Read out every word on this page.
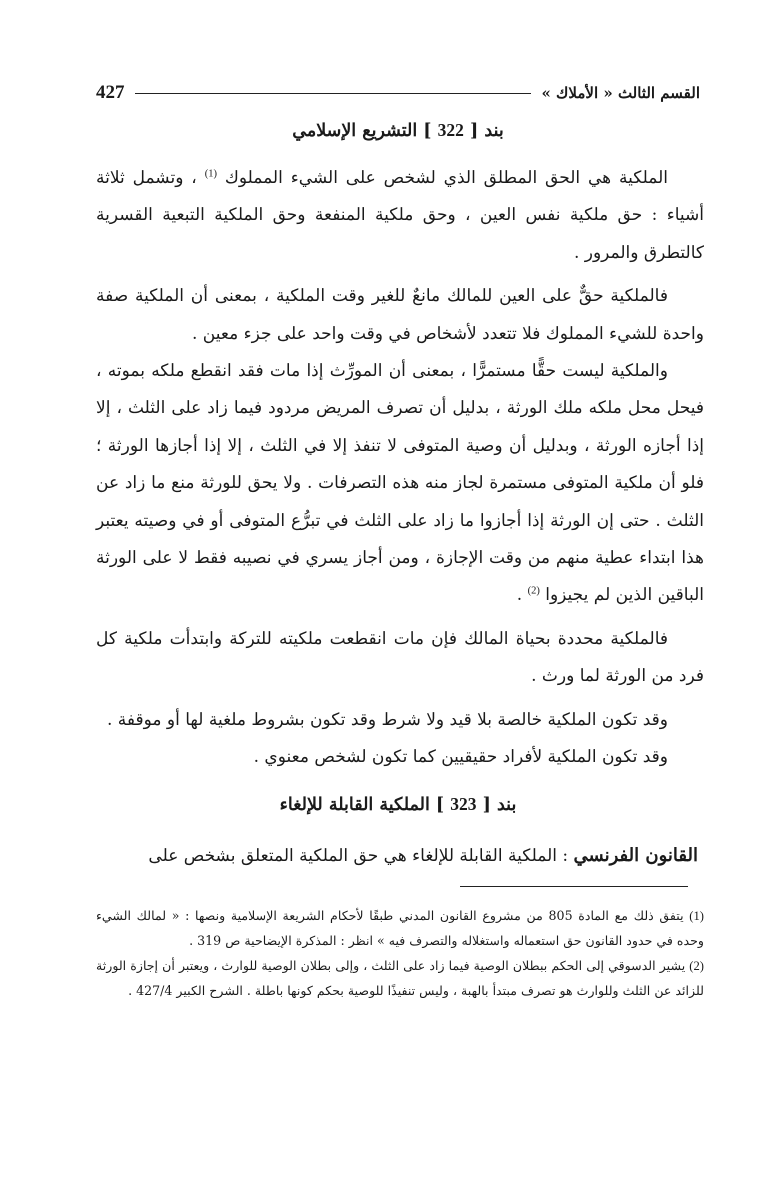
القسم الثالث « الأملاك »
427
بند [ 322 ] التشريع الإسلامي

الملكية هي الحق المطلق الذي لشخص على الشيء المملوك $^{(1)}$ ، وتشمل ثلاثة أشياء : حق ملكية نفس العين ، وحق ملكية المنفعة وحق الملكية التبعية القسرية كالتطرق والمرور .

فالملكية حقٌّ على العين للمالك مانعٌ للغير وقت الملكية ، بمعنى أن الملكية صفة واحدة للشيء المملوك فلا تتعدد لأشخاص في وقت واحد على جزء معين .

والملكية ليست حقًّا مستمرًّا ، بمعنى أن المورِّث إذا مات فقد انقطع ملكه بموته ، فيحل محل ملكه ملك الورثة ، بدليل أن تصرف المريض مردود فيما زاد على الثلث ، إلا إذا أجازه الورثة ، وبدليل أن وصية المتوفى لا تنفذ إلا في الثلث ، إلا إذا أجازها الورثة ؛ فلو أن ملكية المتوفى مستمرة لجاز منه هذه التصرفات . ولا يحق للورثة منع ما زاد عن الثلث . حتى إن الورثة إذا أجازوا ما زاد على الثلث في تبرُّع المتوفى أو في وصيته يعتبر هذا ابتداء عطية منهم من وقت الإجازة ، ومن أجاز يسري في نصيبه فقط لا على الورثة الباقين الذين لم يجيزوا $^{(2)}$ .

فالملكية محددة بحياة المالك فإن مات انقطعت ملكيته للتركة وابتدأت ملكية كل فرد من الورثة لما ورث .

وقد تكون الملكية خالصة بلا قيد ولا شرط وقد تكون بشروط ملغية لها أو موقفة .

وقد تكون الملكية لأفراد حقيقيين كما تكون لشخص معنوي .

بند [ 323 ] الملكية القابلة للإلغاء

القانون الفرنسي : الملكية القابلة للإلغاء هي حق الملكية المتعلق بشخص على

(1) يتفق ذلك مع المادة 805 من مشروع القانون المدني طبقًا لأحكام الشريعة الإسلامية ونصها : « لمالك الشيء وحده في حدود القانون حق استعماله واستغلاله والتصرف فيه » انظر : المذكرة الإيضاحية ص 319 .

(2) يشير الدسوقي إلى الحكم ببطلان الوصية فيما زاد على الثلث ، وإلى بطلان الوصية للوارث ، ويعتبر أن إجازة الورثة للزائد عن الثلث وللوارث هو تصرف مبتدأ بالهبة ، وليس تنفيذًا للوصية بحكم كونها باطلة . الشرح الكبير 427/4 .
